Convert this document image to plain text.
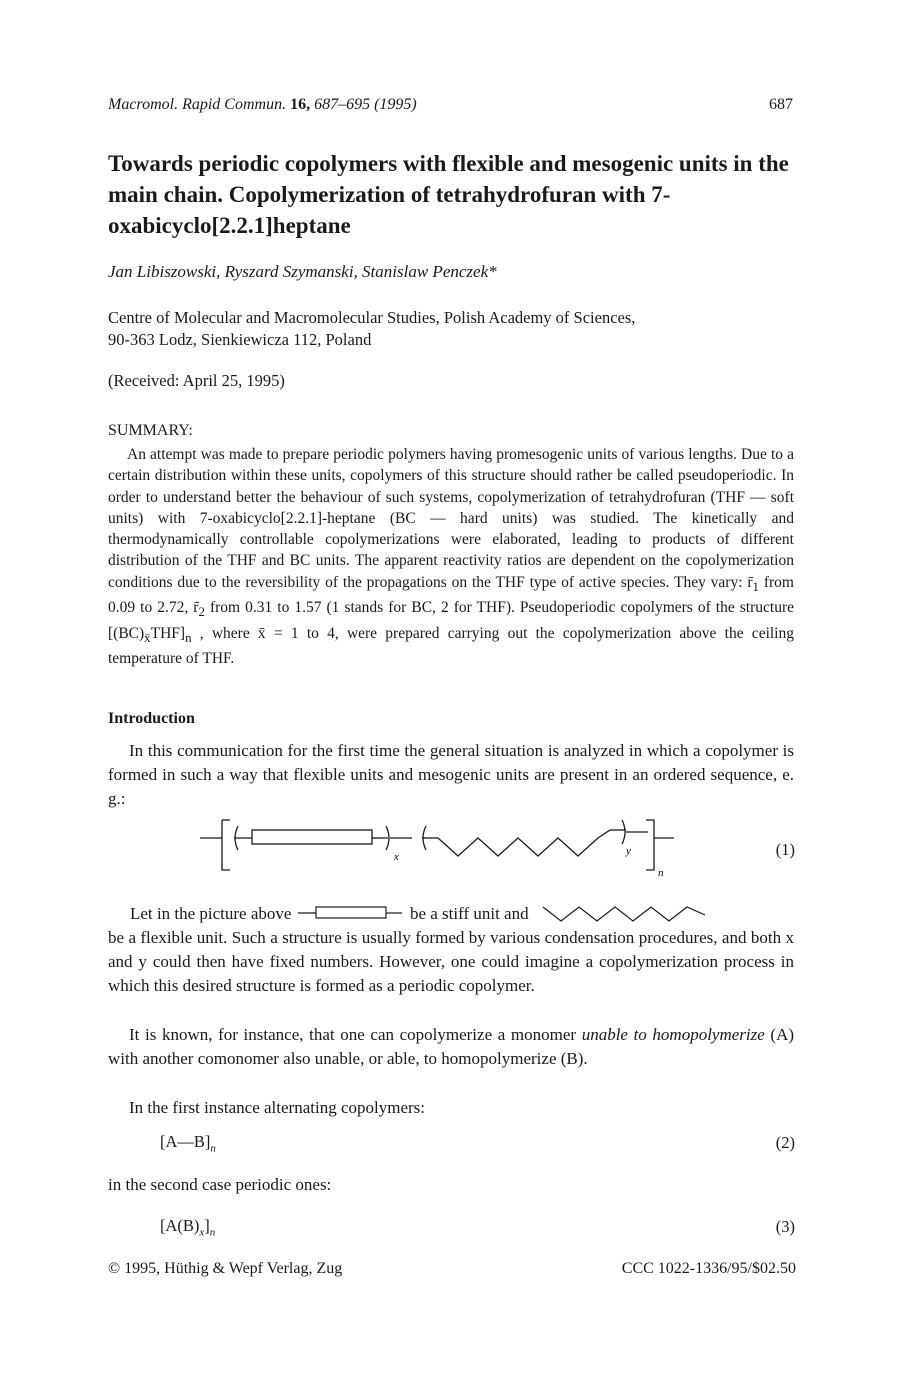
Macromol. Rapid Commun. 16, 687–695 (1995)	687
Towards periodic copolymers with flexible and mesogenic units in the main chain. Copolymerization of tetrahydrofuran with 7-oxabicyclo[2.2.1]heptane
Jan Libiszowski, Ryszard Szymanski, Stanislaw Penczek*
Centre of Molecular and Macromolecular Studies, Polish Academy of Sciences,
90-363 Lodz, Sienkiewicza 112, Poland
(Received: April 25, 1995)
SUMMARY:
An attempt was made to prepare periodic polymers having promesogenic units of various lengths. Due to a certain distribution within these units, copolymers of this structure should rather be called pseudoperiodic. In order to understand better the behaviour of such systems, copolymerization of tetrahydrofuran (THF — soft units) with 7-oxabicyclo[2.2.1]-heptane (BC — hard units) was studied. The kinetically and thermodynamically controllable copolymerizations were elaborated, leading to products of different distribution of the THF and BC units. The apparent reactivity ratios are dependent on the copolymerization conditions due to the reversibility of the propagations on the THF type of active species. They vary: $r̄_1$ from 0.09 to 2.72, $r̄_2$ from 0.31 to 1.57 (1 stands for BC, 2 for THF). Pseudoperiodic copolymers of the structure $[(BC)_{x̄}THF]_n$ , where x̄ = 1 to 4, were prepared carrying out the copolymerization above the ceiling temperature of THF.
Introduction
In this communication for the first time the general situation is analyzed in which a copolymer is formed in such a way that flexible units and mesogenic units are present in an ordered sequence, e. g.:
x	y
n
(1)
Let in the picture above	be a stiff unit and
be a flexible unit. Such a structure is usually formed by various condensation procedures, and both x and y could then have fixed numbers. However, one could imagine a copolymerization process in which this desired structure is formed as a periodic copolymer.
It is known, for instance, that one can copolymerize a monomer unable to homopolymerize (A) with another comonomer also unable, or able, to homopolymerize (B).
In the first instance alternating copolymers:
$[A—B]_n$	(2)
in the second case periodic ones:
$[A(B)_x]_n$	(3)
© 1995, Hüthig & Wepf Verlag, Zug	CCC 1022-1336/95/$02.50
